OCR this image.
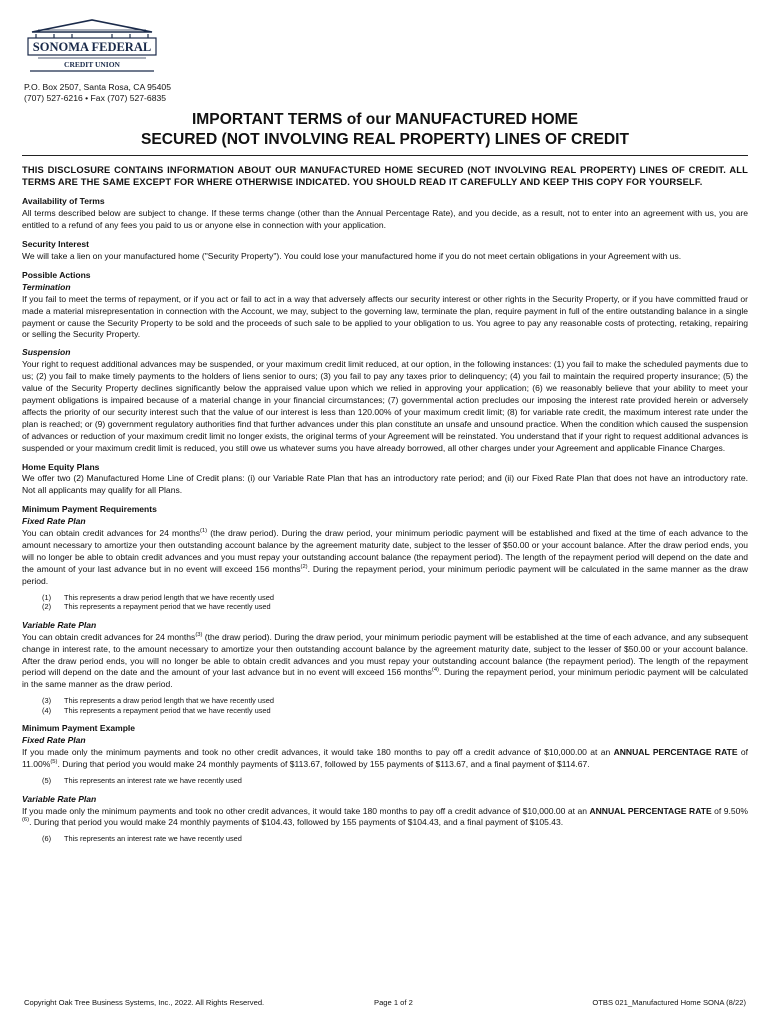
SONOMA FEDERAL
CREDIT UNION
P.O. Box 2507, Santa Rosa, CA 95405
(707) 527-6216 • Fax (707) 527-6835
IMPORTANT TERMS of our MANUFACTURED HOME
SECURED (NOT INVOLVING REAL PROPERTY) LINES OF CREDIT

THIS DISCLOSURE CONTAINS INFORMATION ABOUT OUR MANUFACTURED HOME SECURED (NOT INVOLVING REAL PROPERTY) LINES OF CREDIT. ALL TERMS ARE THE SAME EXCEPT FOR WHERE OTHERWISE INDICATED. YOU SHOULD READ IT CAREFULLY AND KEEP THIS COPY FOR YOURSELF.

Availability of Terms

All terms described below are subject to change. If these terms change (other than the Annual Percentage Rate), and you decide, as a result, not to enter into an agreement with us, you are entitled to a refund of any fees you paid to us or anyone else in connection with your application.

Security Interest

We will take a lien on your manufactured home ("Security Property"). You could lose your manufactured home if you do not meet certain obligations in your Agreement with us.

Possible Actions
Termination

If you fail to meet the terms of repayment, or if you act or fail to act in a way that adversely affects our security interest or other rights in the Security Property, or if you have committed fraud or made a material misrepresentation in connection with the Account, we may, subject to the governing law, terminate the plan, require payment in full of the entire outstanding balance in a single payment or cause the Security Property to be sold and the proceeds of such sale to be applied to your obligation to us. You agree to pay any reasonable costs of protecting, retaking, repairing or selling the Security Property.

Suspension

Your right to request additional advances may be suspended, or your maximum credit limit reduced, at our option, in the following instances: (1) you fail to make the scheduled payments due to us; (2) you fail to make timely payments to the holders of liens senior to ours; (3) you fail to pay any taxes prior to delinquency; (4) you fail to maintain the required property insurance; (5) the value of the Security Property declines significantly below the appraised value upon which we relied in approving your application; (6) we reasonably believe that your ability to meet your payment obligations is impaired because of a material change in your financial circumstances; (7) governmental action precludes our imposing the interest rate provided herein or adversely affects the priority of our security interest such that the value of our interest is less than 120.00% of your maximum credit limit; (8) for variable rate credit, the maximum interest rate under the plan is reached; or (9) government regulatory authorities find that further advances under this plan constitute an unsafe and unsound practice. When the condition which caused the suspension of advances or reduction of your maximum credit limit no longer exists, the original terms of your Agreement will be reinstated. You understand that if your right to request additional advances is suspended or your maximum credit limit is reduced, you still owe us whatever sums you have already borrowed, all other charges under your Agreement and applicable Finance Charges.

Home Equity Plans

We offer two (2) Manufactured Home Line of Credit plans: (i) our Variable Rate Plan that has an introductory rate period; and (ii) our Fixed Rate Plan that does not have an introductory rate. Not all applicants may qualify for all Plans.

Minimum Payment Requirements
Fixed Rate Plan

You can obtain credit advances for 24 months$^{(1)}$ (the draw period). During the draw period, your minimum periodic payment will be established and fixed at the time of each advance to the amount necessary to amortize your then outstanding account balance by the agreement maturity date, subject to the lesser of $50.00 or your account balance. After the draw period ends, you will no longer be able to obtain credit advances and you must repay your outstanding account balance (the repayment period). The length of the repayment period will depend on the date and the amount of your last advance but in no event will exceed 156 months$^{(2)}$. During the repayment period, your minimum periodic payment will be calculated in the same manner as the draw period.

(1)	This represents a draw period length that we have recently used
(2)	This represents a repayment period that we have recently used
Variable Rate Plan

You can obtain credit advances for 24 months$^{(3)}$ (the draw period). During the draw period, your minimum periodic payment will be established at the time of each advance, and any subsequent change in interest rate, to the amount necessary to amortize your then outstanding account balance by the agreement maturity date, subject to the lesser of $50.00 or your account balance. After the draw period ends, you will no longer be able to obtain credit advances and you must repay your outstanding account balance (the repayment period). The length of the repayment period will depend on the date and the amount of your last advance but in no event will exceed 156 months$^{(4)}$. During the repayment period, your minimum periodic payment will be calculated in the same manner as the draw period.

(3)	This represents a draw period length that we have recently used
(4)	This represents a repayment period that we have recently used
Minimum Payment Example
Fixed Rate Plan

If you made only the minimum payments and took no other credit advances, it would take 180 months to pay off a credit advance of $10,000.00 at an ANNUAL PERCENTAGE RATE of 11.00%$^{(5)}$. During that period you would make 24 monthly payments of $113.67, followed by 155 payments of $113.67, and a final payment of $114.67.

(5)	This represents an interest rate we have recently used
Variable Rate Plan

If you made only the minimum payments and took no other credit advances, it would take 180 months to pay off a credit advance of $10,000.00 at an ANNUAL PERCENTAGE RATE of 9.50%$^{(6)}$. During that period you would make 24 monthly payments of $104.43, followed by 155 payments of $104.43, and a final payment of $105.43.

(6)	This represents an interest rate we have recently used
Copyright Oak Tree Business Systems, Inc., 2022. All Rights Reserved.	Page 1 of 2	OTBS 021_Manufactured Home SONA (8/22)
